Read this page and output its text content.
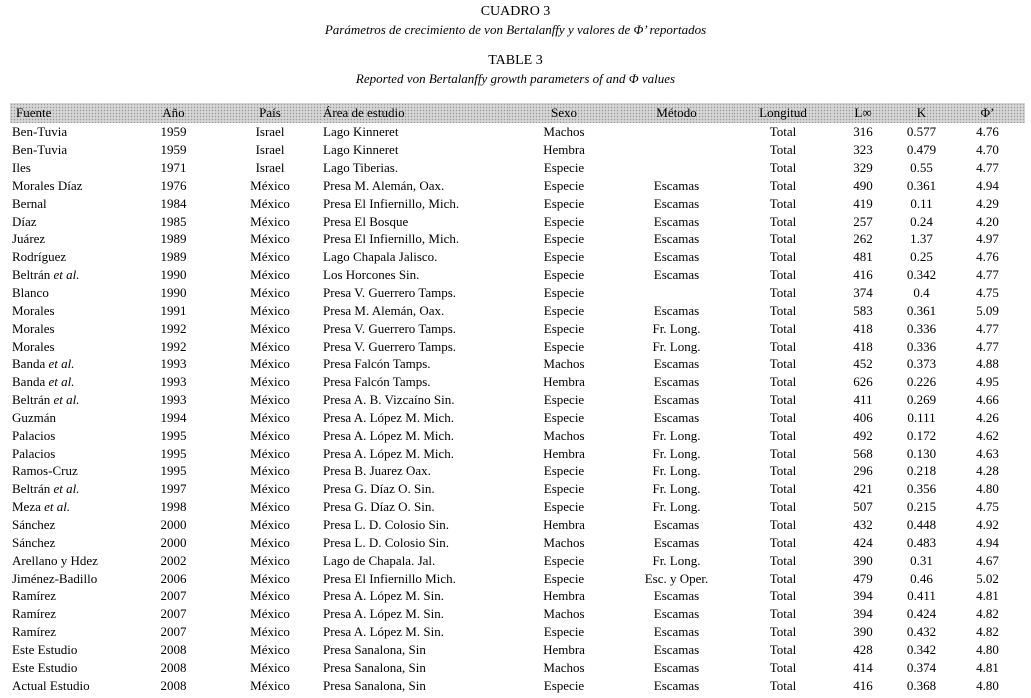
CUADRO 3
Parámetros de crecimiento de von Bertalanffy y valores de Φ’ reportados
TABLE 3
Reported von Bertalanffy growth parameters of and Φ values
Fuente	Año	País	Área de estudio	Sexo	Método	Longitud	L∞	K	Φ’
Ben-Tuvia	1959	Israel	Lago Kinneret	Machos		Total	316	0.577	4.76
Ben-Tuvia	1959	Israel	Lago Kinneret	Hembra		Total	323	0.479	4.70
Iles	1971	Israel	Lago Tiberias.	Especie		Total	329	0.55	4.77
Morales Díaz	1976	México	Presa M. Alemán, Oax.	Especie	Escamas	Total	490	0.361	4.94
Bernal	1984	México	Presa El Infiernillo, Mich.	Especie	Escamas	Total	419	0.11	4.29
Díaz	1985	México	Presa El Bosque	Especie	Escamas	Total	257	0.24	4.20
Juárez	1989	México	Presa El Infiernillo, Mich.	Especie	Escamas	Total	262	1.37	4.97
Rodríguez	1989	México	Lago Chapala Jalisco.	Especie	Escamas	Total	481	0.25	4.76
Beltrán et al.	1990	México	Los Horcones Sin.	Especie	Escamas	Total	416	0.342	4.77
Blanco	1990	México	Presa V. Guerrero Tamps.	Especie		Total	374	0.4	4.75
Morales	1991	México	Presa M. Alemán, Oax.	Especie	Escamas	Total	583	0.361	5.09
Morales	1992	México	Presa V. Guerrero Tamps.	Especie	Fr. Long.	Total	418	0.336	4.77
Morales	1992	México	Presa V. Guerrero Tamps.	Especie	Fr. Long.	Total	418	0.336	4.77
Banda et al.	1993	México	Presa Falcón Tamps.	Machos	Escamas	Total	452	0.373	4.88
Banda et al.	1993	México	Presa Falcón Tamps.	Hembra	Escamas	Total	626	0.226	4.95
Beltrán et al.	1993	México	Presa A. B. Vizcaíno Sin.	Especie	Escamas	Total	411	0.269	4.66
Guzmán	1994	México	Presa A. López M. Mich.	Especie	Escamas	Total	406	0.111	4.26
Palacios	1995	México	Presa A. López M. Mich.	Machos	Fr. Long.	Total	492	0.172	4.62
Palacios	1995	México	Presa A. López M. Mich.	Hembra	Fr. Long.	Total	568	0.130	4.63
Ramos-Cruz	1995	México	Presa B. Juarez Oax.	Especie	Fr. Long.	Total	296	0.218	4.28
Beltrán et al.	1997	México	Presa G. Díaz O. Sin.	Especie	Fr. Long.	Total	421	0.356	4.80
Meza et al.	1998	México	Presa G. Díaz O. Sin.	Especie	Fr. Long.	Total	507	0.215	4.75
Sánchez	2000	México	Presa L. D. Colosio Sin.	Hembra	Escamas	Total	432	0.448	4.92
Sánchez	2000	México	Presa L. D. Colosio Sin.	Machos	Escamas	Total	424	0.483	4.94
Arellano y Hdez	2002	México	Lago de Chapala. Jal.	Especie	Fr. Long.	Total	390	0.31	4.67
Jiménez-Badillo	2006	México	Presa El Infiernillo Mich.	Especie	Esc. y Oper.	Total	479	0.46	5.02
Ramírez	2007	México	Presa A. López M. Sin.	Hembra	Escamas	Total	394	0.411	4.81
Ramírez	2007	México	Presa A. López M. Sin.	Machos	Escamas	Total	394	0.424	4.82
Ramírez	2007	México	Presa A. López M. Sin.	Especie	Escamas	Total	390	0.432	4.82
Este Estudio	2008	México	Presa Sanalona, Sin	Hembra	Escamas	Total	428	0.342	4.80
Este Estudio	2008	México	Presa Sanalona, Sin	Machos	Escamas	Total	414	0.374	4.81
Actual Estudio	2008	México	Presa Sanalona, Sin	Especie	Escamas	Total	416	0.368	4.80
